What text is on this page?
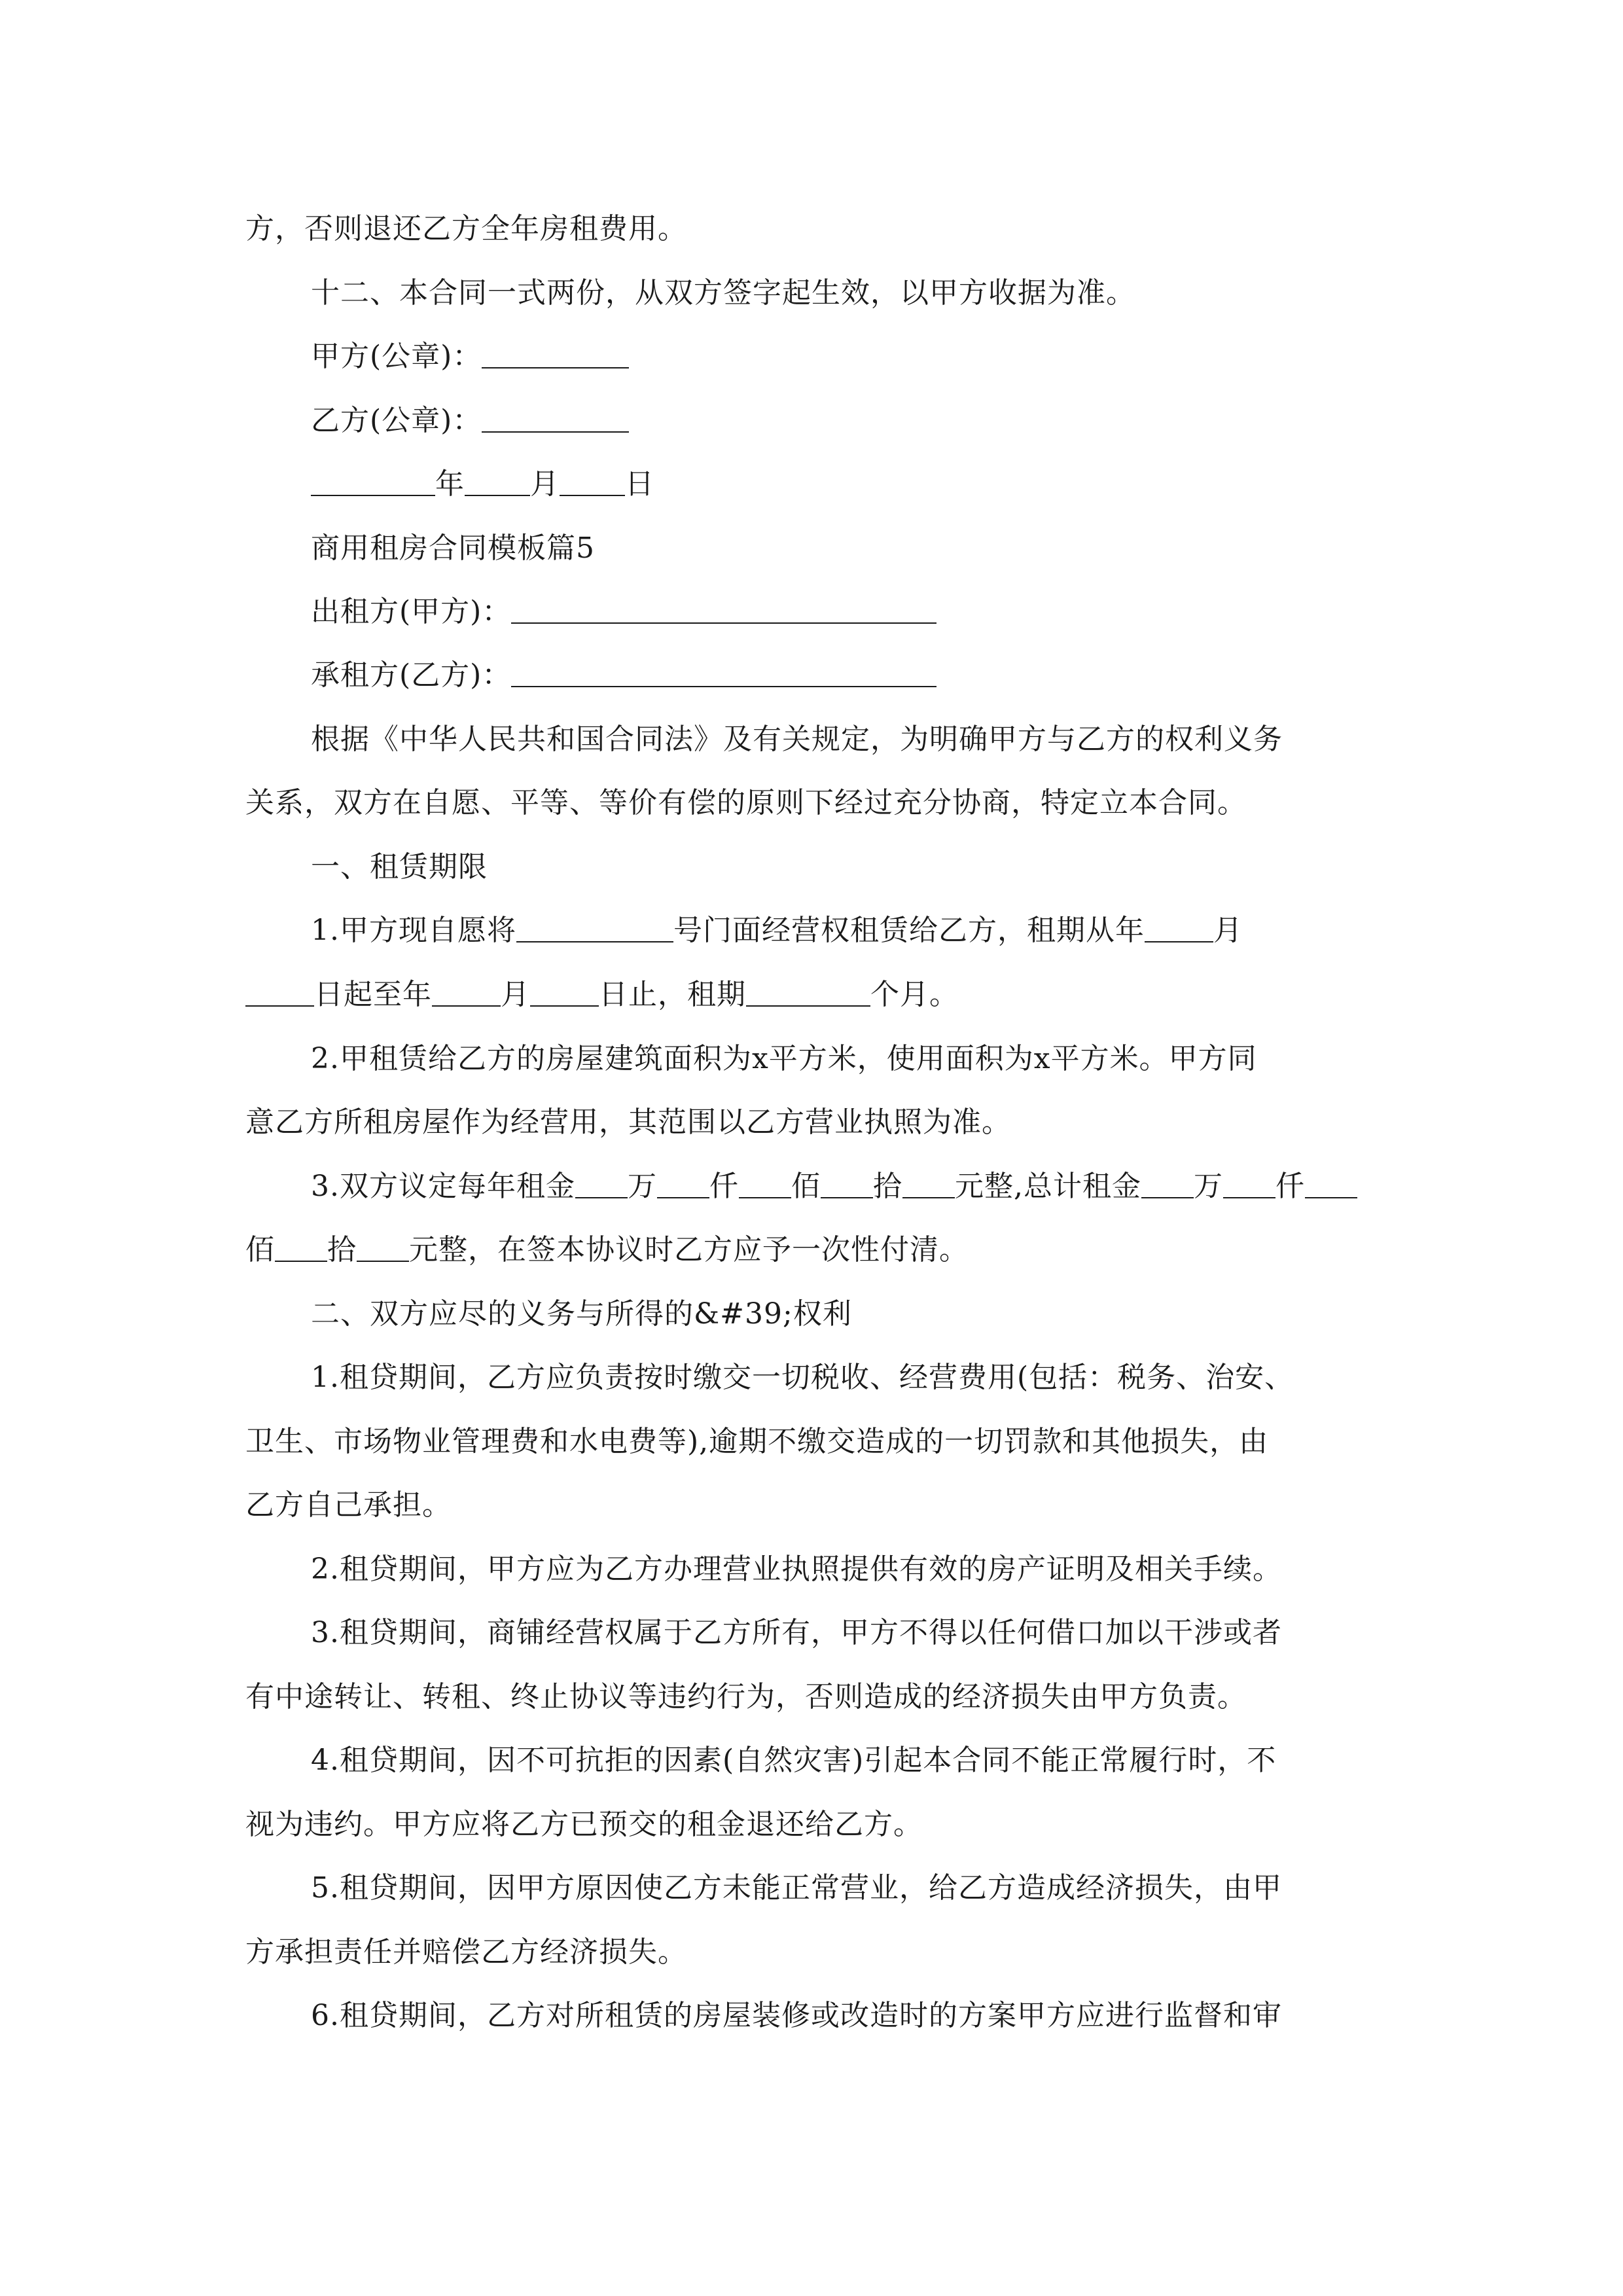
方，否则退还乙方全年房租费用。
十二、本合同一式两份，从双方签字起生效，以甲方收据为准。
甲方(公章)：
乙方(公章)：
年 月 日
商用租房合同模板篇5
出租方(甲方)：
承租方(乙方)：
根据《中华人民共和国合同法》及有关规定，为明确甲方与乙方的权利义务
关系，双方在自愿、平等、等价有偿的原则下经过充分协商，特定立本合同。
一、租赁期限
1.甲方现自愿将	号门面经营权租赁给乙方，租期从年 月
日起至年 月 日止，租期	个月。
2.甲租赁给乙方的房屋建筑面积为x平方米，使用面积为x平方米。甲方同
意乙方所租房屋作为经营用，其范围以乙方营业执照为准。
3.双方议定每年租金 万 仟 佰 拾 元整,总计租金 万 仟
佰 拾 元整，在签本协议时乙方应予一次性付清。
二、双方应尽的义务与所得的&#39;权利
1.租贷期间，乙方应负责按时缴交一切税收、经营费用(包括：税务、治安、
卫生、市场物业管理费和水电费等),逾期不缴交造成的一切罚款和其他损失，由
乙方自己承担。
2.租贷期间，甲方应为乙方办理营业执照提供有效的房产证明及相关手续。
3.租贷期间，商铺经营权属于乙方所有，甲方不得以任何借口加以干涉或者
有中途转让、转租、终止协议等违约行为，否则造成的经济损失由甲方负责。
4.租贷期间，因不可抗拒的因素(自然灾害)引起本合同不能正常履行时，不
视为违约。甲方应将乙方已预交的租金退还给乙方。
5.租贷期间，因甲方原因使乙方未能正常营业，给乙方造成经济损失，由甲
方承担责任并赔偿乙方经济损失。
6.租贷期间，乙方对所租赁的房屋装修或改造时的方案甲方应进行监督和审
